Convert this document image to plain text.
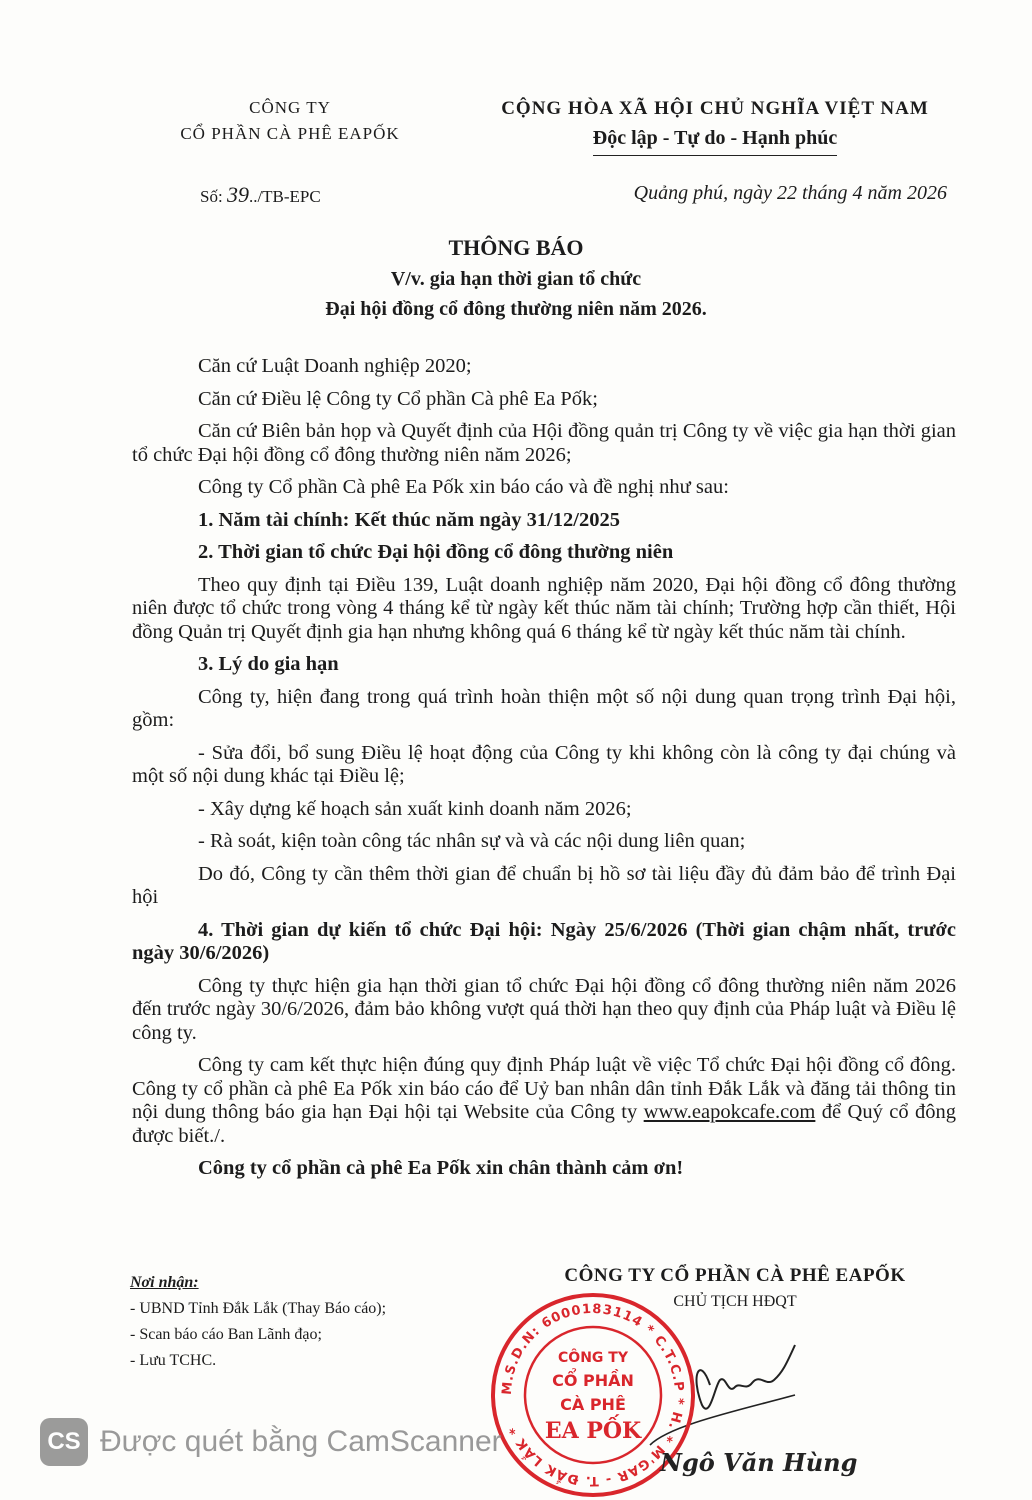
CÔNG TY
CỔ PHẦN CÀ PHÊ EAPỐK
CỘNG HÒA XÃ HỘI CHỦ NGHĨA VIỆT NAM
Độc lập - Tự do - Hạnh phúc
Số: 39../TB-EPC	Quảng phú, ngày 22 tháng 4 năm 2026
THÔNG BÁO
V/v. gia hạn thời gian tổ chức
Đại hội đồng cổ đông thường niên năm 2026.

Căn cứ Luật Doanh nghiệp 2020;

Căn cứ Điều lệ Công ty Cổ phần Cà phê Ea Pốk;

Căn cứ Biên bản họp và Quyết định của Hội đồng quản trị Công ty về việc gia hạn thời gian tổ chức Đại hội đồng cổ đông thường niên năm 2026;

Công ty Cổ phần Cà phê Ea Pốk xin báo cáo và đề nghị như sau:

1. Năm tài chính: Kết thúc năm ngày 31/12/2025

2. Thời gian tổ chức Đại hội đồng cổ đông thường niên

Theo quy định tại Điều 139, Luật doanh nghiệp năm 2020, Đại hội đồng cổ đông thường niên được tổ chức trong vòng 4 tháng kể từ ngày kết thúc năm tài chính; Trường hợp cần thiết, Hội đồng Quản trị Quyết định gia hạn nhưng không quá 6 tháng kể từ ngày kết thúc năm tài chính.

3. Lý do gia hạn

Công ty, hiện đang trong quá trình hoàn thiện một số nội dung quan trọng trình Đại hội, gồm:

- Sửa đổi, bổ sung Điều lệ hoạt động của Công ty khi không còn là công ty đại chúng và một số nội dung khác tại Điều lệ;

- Xây dựng kế hoạch sản xuất kinh doanh năm 2026;

- Rà soát, kiện toàn công tác nhân sự và và các nội dung liên quan;

Do đó, Công ty cần thêm thời gian để chuẩn bị hồ sơ tài liệu đầy đủ đảm bảo để trình Đại hội

4. Thời gian dự kiến tổ chức Đại hội: Ngày 25/6/2026 (Thời gian chậm nhất, trước ngày 30/6/2026)

Công ty thực hiện gia hạn thời gian tổ chức Đại hội đồng cổ đông thường niên năm 2026 đến trước ngày 30/6/2026, đảm bảo không vượt quá thời hạn theo quy định của Pháp luật và Điều lệ công ty.

Công ty cam kết thực hiện đúng quy định Pháp luật về việc Tổ chức Đại hội đồng cổ đông. Công ty cổ phần cà phê Ea Pốk xin báo cáo để Uỷ ban nhân dân tỉnh Đắk Lắk và đăng tải thông tin nội dung thông báo gia hạn Đại hội tại Website của Công ty www.eapokcafe.com để Quý cổ đông được biết./.

Công ty cổ phần cà phê Ea Pốk xin chân thành cảm ơn!

Nơi nhận:
- UBND Tỉnh Đắk Lắk (Thay Báo cáo);
- Scan báo cáo Ban Lãnh đạo;
- Lưu TCHC.
CÔNG TY CỔ PHẦN CÀ PHÊ EAPỐK
CHỦ TỊCH HĐQT
M.S.D.N: 6000183114 * C.T.C.P * H. * M'GAR - T. ĐẮK LẮK *
CÔNG TY
CỔ PHẦN
CÀ PHÊ
EA PỐK
Ngô Văn Hùng
CS Được quét bằng CamScanner
